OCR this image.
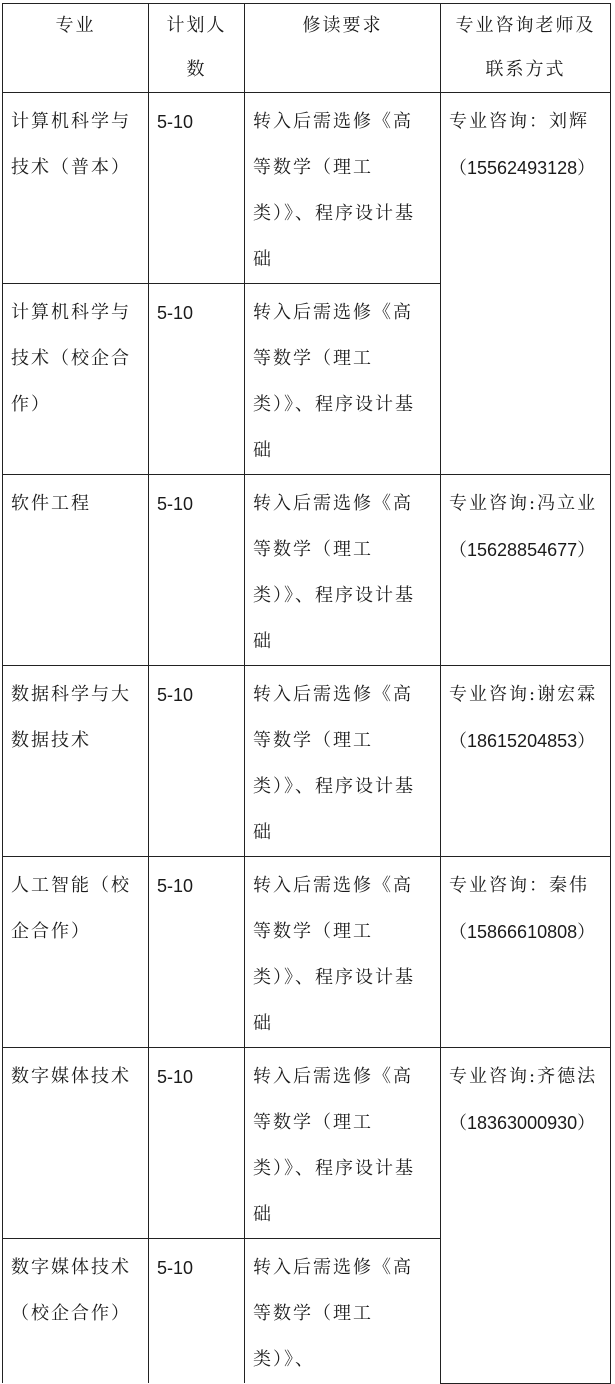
专业	计划人数	修读要求	专业咨询老师及联系方式
计算机科学与技术（普本）	5-10	转入后需选修《高等数学（理工类）》、程序设计基础	专业咨询：刘辉
（15562493128）

计算机科学与技术（校企合作）	5-10	转入后需选修《高等数学（理工类）》、程序设计基础	
软件工程	5-10	转入后需选修《高等数学（理工类）》、程序设计基础	专业咨询:冯立业
（15628854677）

数据科学与大数据技术	5-10	转入后需选修《高等数学（理工类）》、程序设计基础	专业咨询:谢宏霖
（18615204853）

人工智能（校企合作）	5-10	转入后需选修《高等数学（理工类）》、程序设计基础	专业咨询：秦伟
（15866610808）

数字媒体技术	5-10	转入后需选修《高等数学（理工类）》、程序设计基础	专业咨询:齐德法
（18363000930）

数字媒体技术（校企合作）	5-10	转入后需选修《高等数学（理工类）》、	
